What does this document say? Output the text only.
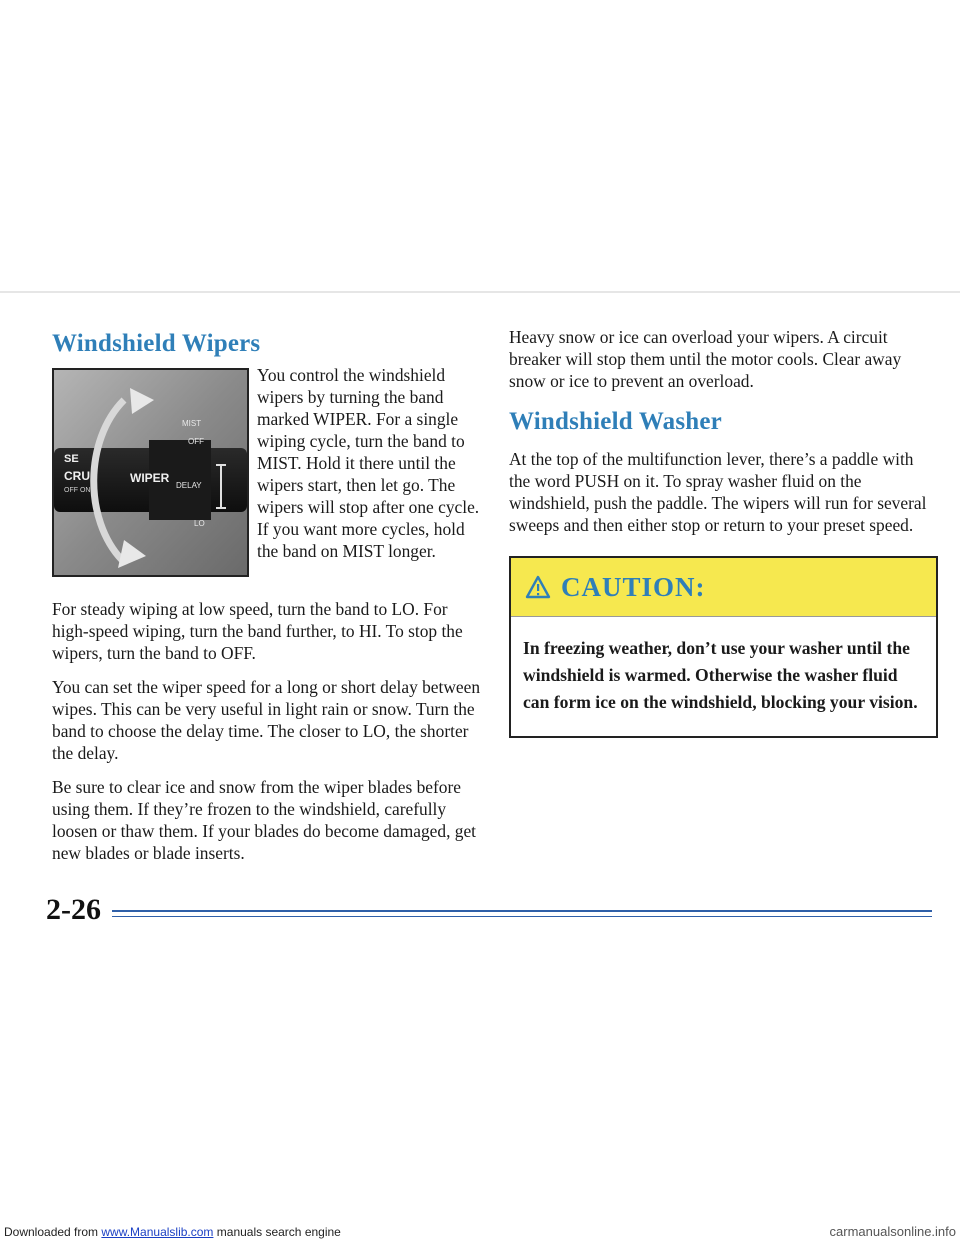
Windshield Wipers
SE
CRU
OFF ON
WIPER
MIST
OFF
DELAY
LO

You control the windshield wipers by turning the band marked WIPER. For a single wiping cycle, turn the band to MIST. Hold it there until the wipers start, then let go. The wipers will stop after one cycle. If you want more cycles, hold the band on MIST longer.

For steady wiping at low speed, turn the band to LO. For high-speed wiping, turn the band further, to HI. To stop the wipers, turn the band to OFF.

You can set the wiper speed for a long or short delay between wipes. This can be very useful in light rain or snow. Turn the band to choose the delay time. The closer to LO, the shorter the delay.

Be sure to clear ice and snow from the wiper blades before using them. If they’re frozen to the windshield, carefully loosen or thaw them. If your blades do become damaged, get new blades or blade inserts.

Heavy snow or ice can overload your wipers. A circuit breaker will stop them until the motor cools. Clear away snow or ice to prevent an overload.

Windshield Washer

At the top of the multifunction lever, there’s a paddle with the word PUSH on it. To spray washer fluid on the windshield, push the paddle. The wipers will run for several sweeps and then either stop or return to your preset speed.

CAUTION:
In freezing weather, don’t use your washer until the windshield is warmed. Otherwise the washer fluid can form ice on the windshield, blocking your vision.
2-26
Downloaded from www.Manualslib.com manuals search engine	carmanualsonline.info
